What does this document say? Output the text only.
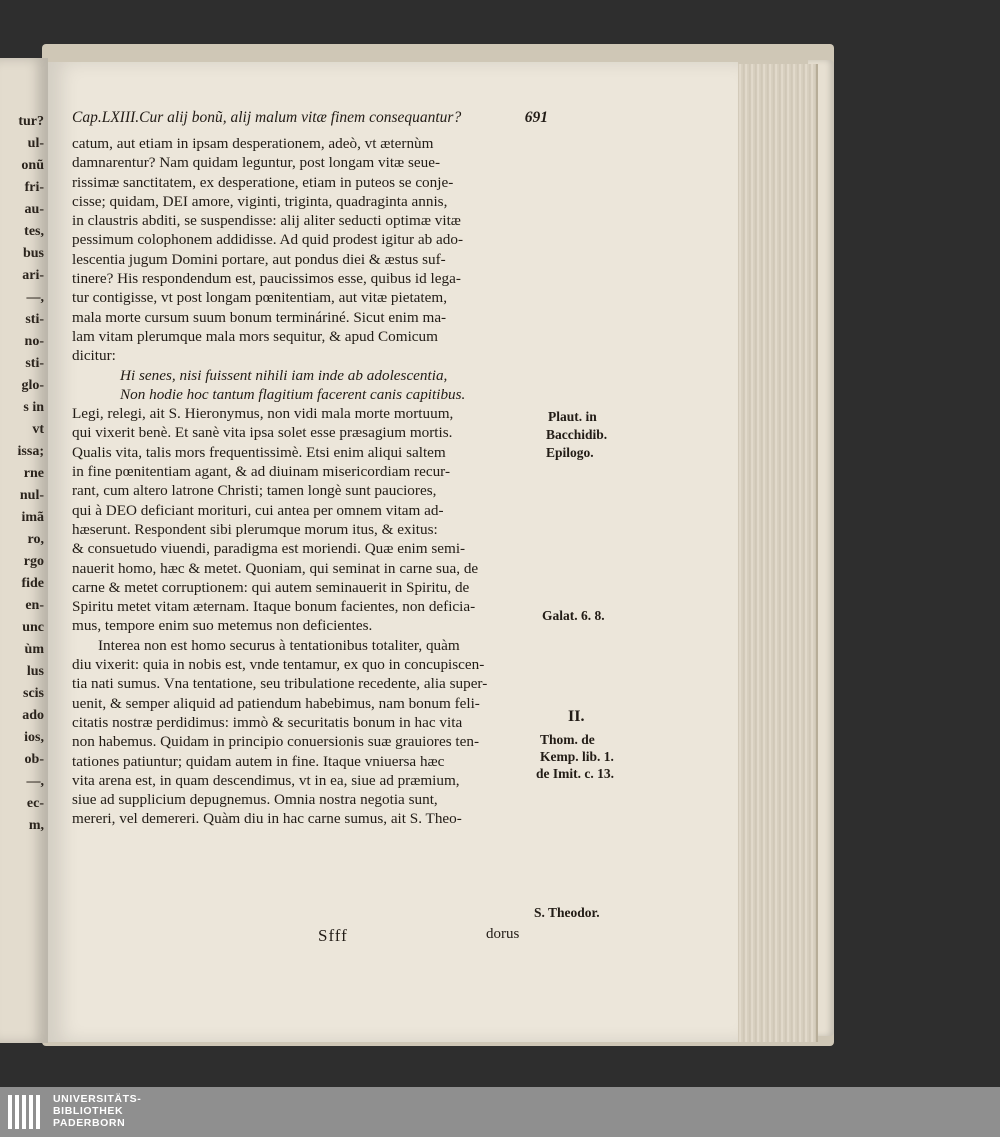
tur?
ul-
onũ
fri-
au-
tes,
bus
ari-
—,
sti-
no-
sti-
glo-
s in
vt
issa;
rne
nul-
imã
ro,
rgo
fide
en-
unc
ùm
lus
scis
ado
ios,
ob-
—,
ec-
m,
Cap.LXIII.Cur alij bonũ, alij malum vitæ finem consequantur?	691
catum, aut etiam in ipsam desperationem, adeò, vt æternùm
damnarentur? Nam quidam leguntur, post longam vitæ seue-
rissimæ sanctitatem, ex desperatione, etiam in puteos se conje-
cisse; quidam, DEI amore, viginti, triginta, quadraginta annis,
in claustris abditi, se suspendisse: alij aliter seducti optimæ vitæ
pessimum colophonem addidisse. Ad quid prodest igitur ab ado-
lescentia jugum Domini portare, aut pondus diei & æstus suf-
tinere? His respondendum est, paucissimos esse, quibus id lega-
tur contigisse, vt post longam pœnitentiam, aut vitæ pietatem,
mala morte cursum suum bonum termináriné. Sicut enim ma-
lam vitam plerumque mala mors sequitur, & apud Comicum
dicitur:
Hi senes, nisi fuissent nihili iam inde ab adolescentia,
Non hodie hoc tantum flagitium facerent canis capitibus.
Legi, relegi, ait S. Hieronymus, non vidi mala morte mortuum,
qui vixerit benè. Et sanè vita ipsa solet esse præsagium mortis.
Qualis vita, talis mors frequentissimè. Etsi enim aliqui saltem
in fine pœnitentiam agant, & ad diuinam misericordiam recur-
rant, cum altero latrone Christi; tamen longè sunt pauciores,
qui à DEO deficiant morituri, cui antea per omnem vitam ad-
hæserunt. Respondent sibi plerumque morum itus, & exitus:
& consuetudo viuendi, paradigma est moriendi. Quæ enim semi-
nauerit homo, hæc & metet. Quoniam, qui seminat in carne sua, de
carne & metet corruptionem: qui autem seminauerit in Spiritu, de
Spiritu metet vitam æternam. Itaque bonum facientes, non deficia-
mus, tempore enim suo metemus non deficientes.
Interea non est homo securus à tentationibus totaliter, quàm
diu vixerit: quia in nobis est, vnde tentamur, ex quo in concupiscen-
tia nati sumus. Vna tentatione, seu tribulatione recedente, alia super-
uenit, & semper aliquid ad patiendum habebimus, nam bonum feli-
citatis nostræ perdidimus: immò & securitatis bonum in hac vita
non habemus. Quidam in principio conuersionis suæ grauiores ten-
tationes patiuntur; quidam autem in fine. Itaque vniuersa hæc
vita arena est, in quam descendimus, vt in ea, siue ad præmium,
siue ad supplicium depugnemus. Omnia nostra negotia sunt,
mereri, vel demereri. Quàm diu in hac carne sumus, ait S. Theo-
Plaut. in
Bacchidib.
Epilogo.
Galat. 6. 8.
II.
Thom. de
Kemp. lib. 1.
de Imit. c. 13.
S. Theodor.
Sfff	dorus
UNIVERSITÄTS-
BIBLIOTHEK
PADERBORN
